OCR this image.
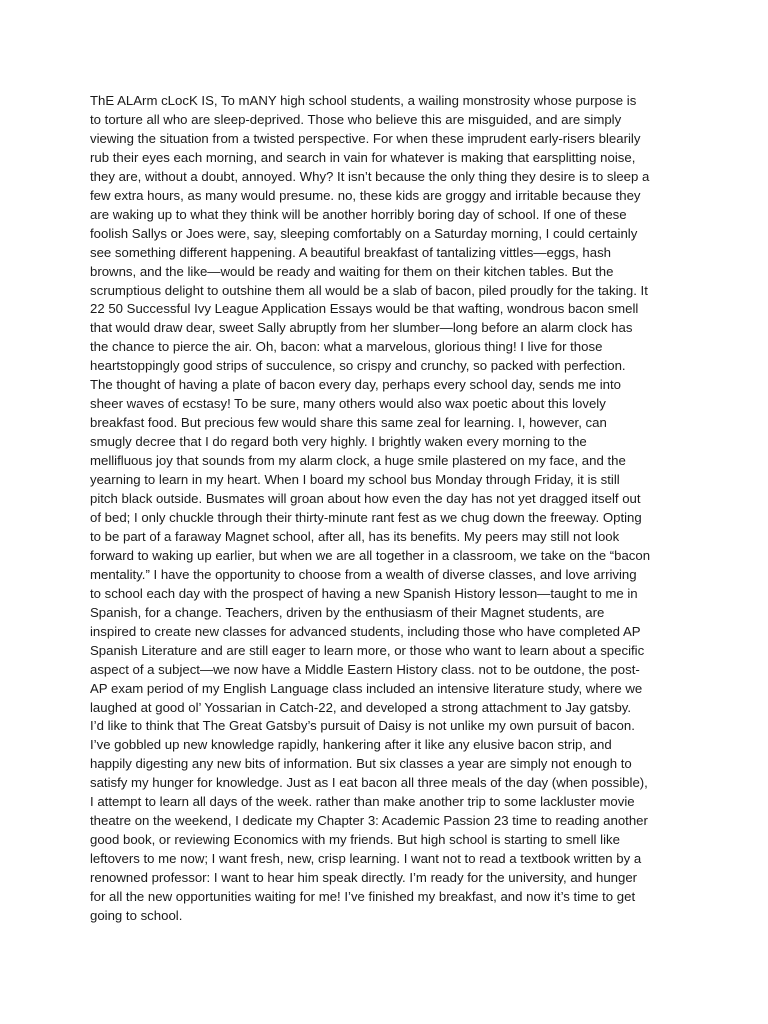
ThE ALArm cLocK IS, To mANY high school students, a wailing monstrosity whose purpose is
to torture all who are sleep-deprived. Those who believe this are misguided, and are simply
viewing the situation from a twisted perspective. For when these imprudent early-risers blearily
rub their eyes each morning, and search in vain for whatever is making that earsplitting noise,
they are, without a doubt, annoyed. Why? It isn’t because the only thing they desire is to sleep a
few extra hours, as many would presume. no, these kids are groggy and irritable because they
are waking up to what they think will be another horribly boring day of school. If one of these
foolish Sallys or Joes were, say, sleeping comfortably on a Saturday morning, I could certainly
see something different happening. A beautiful breakfast of tantalizing vittles—eggs, hash
browns, and the like—would be ready and waiting for them on their kitchen tables. But the
scrumptious delight to outshine them all would be a slab of bacon, piled proudly for the taking. It
22 50 Successful Ivy League Application Essays would be that wafting, wondrous bacon smell
that would draw dear, sweet Sally abruptly from her slumber—long before an alarm clock has
the chance to pierce the air. Oh, bacon: what a marvelous, glorious thing! I live for those
heartstoppingly good strips of succulence, so crispy and crunchy, so packed with perfection.
The thought of having a plate of bacon every day, perhaps every school day, sends me into
sheer waves of ecstasy! To be sure, many others would also wax poetic about this lovely
breakfast food. But precious few would share this same zeal for learning. I, however, can
smugly decree that I do regard both very highly. I brightly waken every morning to the
mellifluous joy that sounds from my alarm clock, a huge smile plastered on my face, and the
yearning to learn in my heart. When I board my school bus Monday through Friday, it is still
pitch black outside. Busmates will groan about how even the day has not yet dragged itself out
of bed; I only chuckle through their thirty-minute rant fest as we chug down the freeway. Opting
to be part of a faraway Magnet school, after all, has its benefits. My peers may still not look
forward to waking up earlier, but when we are all together in a classroom, we take on the “bacon
mentality.” I have the opportunity to choose from a wealth of diverse classes, and love arriving
to school each day with the prospect of having a new Spanish History lesson—taught to me in
Spanish, for a change. Teachers, driven by the enthusiasm of their Magnet students, are
inspired to create new classes for advanced students, including those who have completed AP
Spanish Literature and are still eager to learn more, or those who want to learn about a specific
aspect of a subject—we now have a Middle Eastern History class. not to be outdone, the post-
AP exam period of my English Language class included an intensive literature study, where we
laughed at good ol’ Yossarian in Catch-22, and developed a strong attachment to Jay gatsby.
I’d like to think that The Great Gatsby’s pursuit of Daisy is not unlike my own pursuit of bacon.
I’ve gobbled up new knowledge rapidly, hankering after it like any elusive bacon strip, and
happily digesting any new bits of information. But six classes a year are simply not enough to
satisfy my hunger for knowledge. Just as I eat bacon all three meals of the day (when possible),
I attempt to learn all days of the week. rather than make another trip to some lackluster movie
theatre on the weekend, I dedicate my Chapter 3: Academic Passion 23 time to reading another
good book, or reviewing Economics with my friends. But high school is starting to smell like
leftovers to me now; I want fresh, new, crisp learning. I want not to read a textbook written by a
renowned professor: I want to hear him speak directly. I’m ready for the university, and hunger
for all the new opportunities waiting for me! I’ve finished my breakfast, and now it’s time to get
going to school.
